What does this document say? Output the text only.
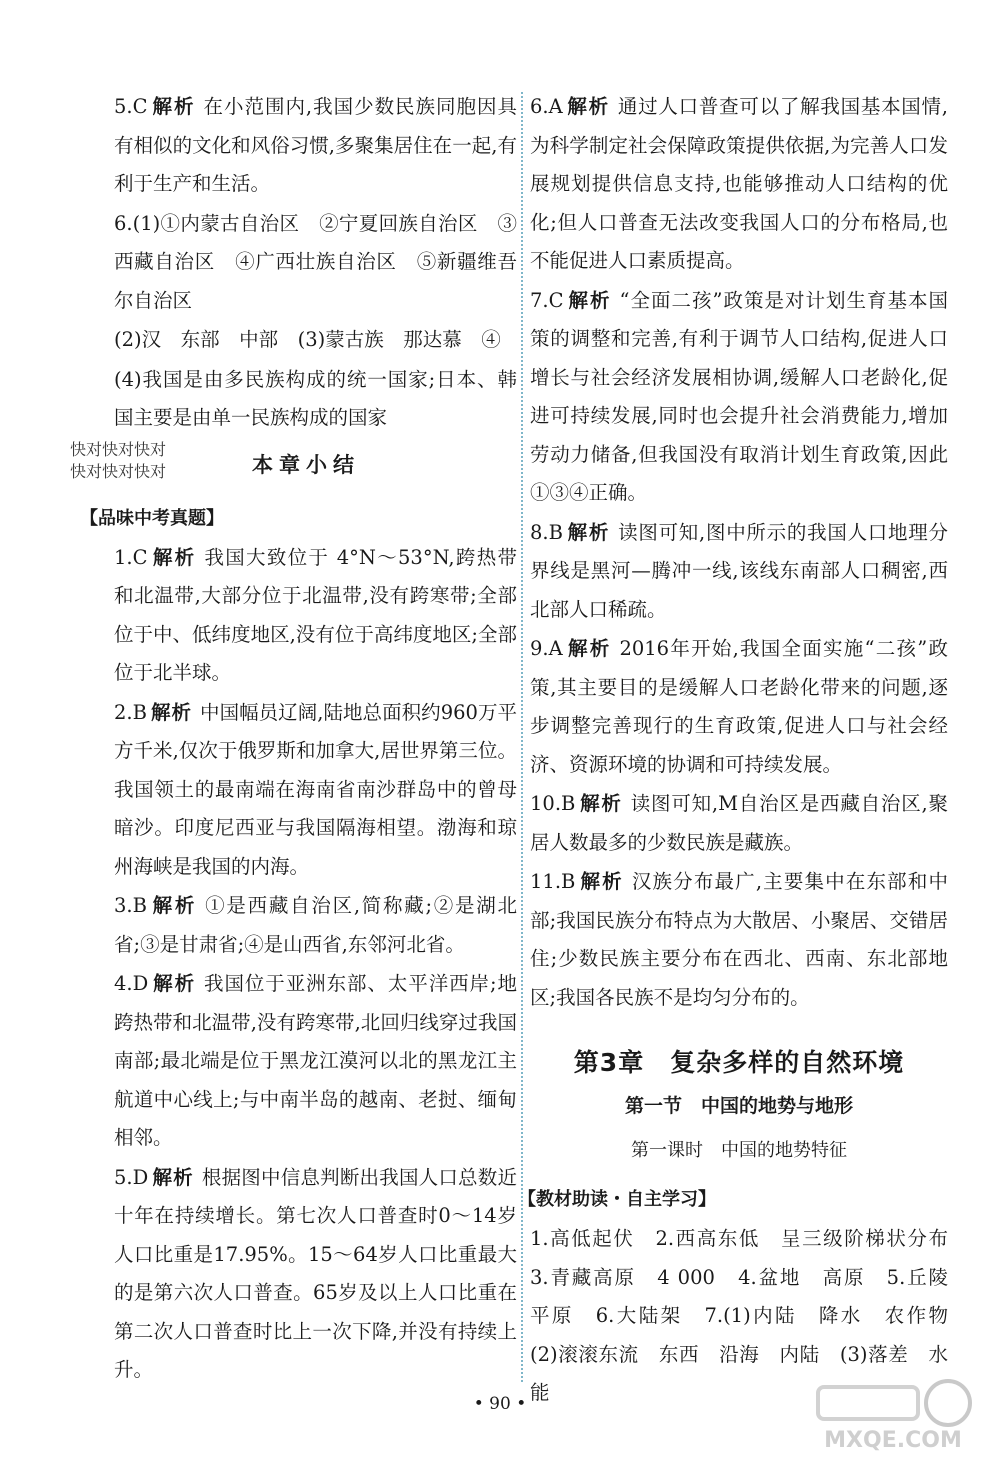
5.C 解析 在小范围内,我国少数民族同胞因具有相似的文化和风俗习惯,多聚集居住在一起,有利于生产和生活。

6.(1)①内蒙古自治区　②宁夏回族自治区　③西藏自治区　④广西壮族自治区　⑤新疆维吾尔自治区

(2)汉　东部　中部　(3)蒙古族　那达慕　④

(4)我国是由多民族构成的统一国家;日本、韩国主要是由单一民族构成的国家

快对快对快对
快对快对快对	本章小结
【品味中考真题】

1.C 解析 我国大致位于 4°N～53°N,跨热带和北温带,大部分位于北温带,没有跨寒带;全部位于中、低纬度地区,没有位于高纬度地区;全部位于北半球。

2.B 解析 中国幅员辽阔,陆地总面积约960万平方千米,仅次于俄罗斯和加拿大,居世界第三位。我国领土的最南端在海南省南沙群岛中的曾母暗沙。印度尼西亚与我国隔海相望。渤海和琼州海峡是我国的内海。

3.B 解析 ①是西藏自治区,简称藏;②是湖北省;③是甘肃省;④是山西省,东邻河北省。

4.D 解析 我国位于亚洲东部、太平洋西岸;地跨热带和北温带,没有跨寒带,北回归线穿过我国南部;最北端是位于黑龙江漠河以北的黑龙江主航道中心线上;与中南半岛的越南、老挝、缅甸相邻。

5.D 解析 根据图中信息判断出我国人口总数近十年在持续增长。第七次人口普查时0～14岁人口比重是17.95%。15～64岁人口比重最大的是第六次人口普查。65岁及以上人口比重在第二次人口普查时比上一次下降,并没有持续上升。

6.A 解析 通过人口普查可以了解我国基本国情,为科学制定社会保障政策提供依据,为完善人口发展规划提供信息支持,也能够推动人口结构的优化;但人口普查无法改变我国人口的分布格局,也不能促进人口素质提高。

7.C 解析 “全面二孩”政策是对计划生育基本国策的调整和完善,有利于调节人口结构,促进人口增长与社会经济发展相协调,缓解人口老龄化,促进可持续发展,同时也会提升社会消费能力,增加劳动力储备,但我国没有取消计划生育政策,因此①③④正确。

8.B 解析 读图可知,图中所示的我国人口地理分界线是黑河—腾冲一线,该线东南部人口稠密,西北部人口稀疏。

9.A 解析 2016年开始,我国全面实施“二孩”政策,其主要目的是缓解人口老龄化带来的问题,逐步调整完善现行的生育政策,促进人口与社会经济、资源环境的协调和可持续发展。

10.B 解析 读图可知,M自治区是西藏自治区,聚居人数最多的少数民族是藏族。

11.B 解析 汉族分布最广,主要集中在东部和中部;我国民族分布特点为大散居、小聚居、交错居住;少数民族主要分布在西北、西南、东北部地区;我国各民族不是均匀分布的。

第3章　复杂多样的自然环境
第一节　中国的地势与地形
第一课时　中国的地势特征
【教材助读・自主学习】

1.高低起伏　2.西高东低　呈三级阶梯状分布　3.青藏高原　4 000　4.盆地　高原　5.丘陵　平原　6.大陆架　7.(1)内陆　降水　农作物　(2)滚滚东流　东西　沿海　内陆　(3)落差　水能

• 90 •
MXQE.COM
